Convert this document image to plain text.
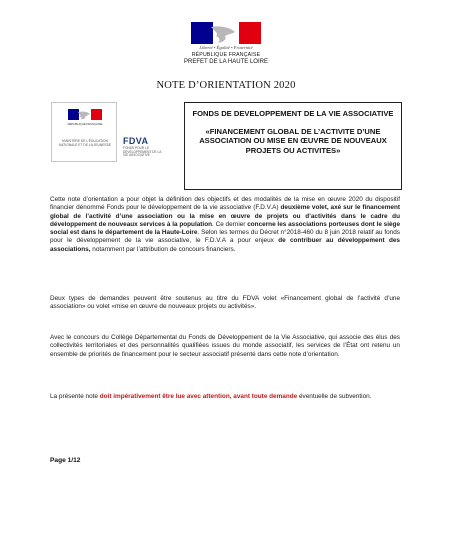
Liberté • Égalité • Fraternité
RÉPUBLIQUE FRANÇAISE
PREFET DE LA HAUTE LOIRE
NOTE D’ORIENTATION 2020
RÉPUBLIQUE FRANÇAISE
MINISTÈRE DE L’ÉDUCATION NATIONALE ET DE LA JEUNESSE	FDVA
FONDS POUR LE DÉVELOPPEMENT DE LA VIE ASSOCIATIVE
FONDS DE DEVELOPPEMENT DE LA VIE ASSOCIATIVE
«FINANCEMENT GLOBAL DE L’ACTIVITE D’UNE ASSOCIATION OU MISE EN ŒUVRE DE NOUVEAUX PROJETS OU ACTIVITES»
Cette note d’orientation a pour objet la définition des objectifs et des modalités de la mise en œuvre 2020 du dispositif financier dénommé Fonds pour le développement de la vie associative (F.D.V.A) deuxième volet, axé sur le financement global de l’activité d’une association ou la mise en œuvre de projets ou d’activités dans le cadre du développement de nouveaux services à la population. Ce dernier concerne les associations porteuses dont le siège social est dans le département de la Haute-Loire. Selon les termes du Décret n°2018-460 du 8 juin 2018 relatif au fonds pour le développement de la vie associative, le F.D.V.A a pour enjeux de contribuer au développement des associations, notamment par l’attribution de concours financiers.
Deux types de demandes peuvent être soutenus au titre du FDVA volet «Financement global de l’activité d’une association» ou volet «mise en œuvre de nouveaux projets ou activités».
Avec le concours du Collège Départemental du Fonds de Développement de la Vie Associative, qui associe des élus des collectivités territoriales et des personnalités qualifiées issues du monde associatif, les services de l’État ont retenu un ensemble de priorités de financement pour le secteur associatif présenté dans cette note d’orientation.
La présente note doit impérativement être lue avec attention, avant toute demande éventuelle de subvention.
Page 1/12
